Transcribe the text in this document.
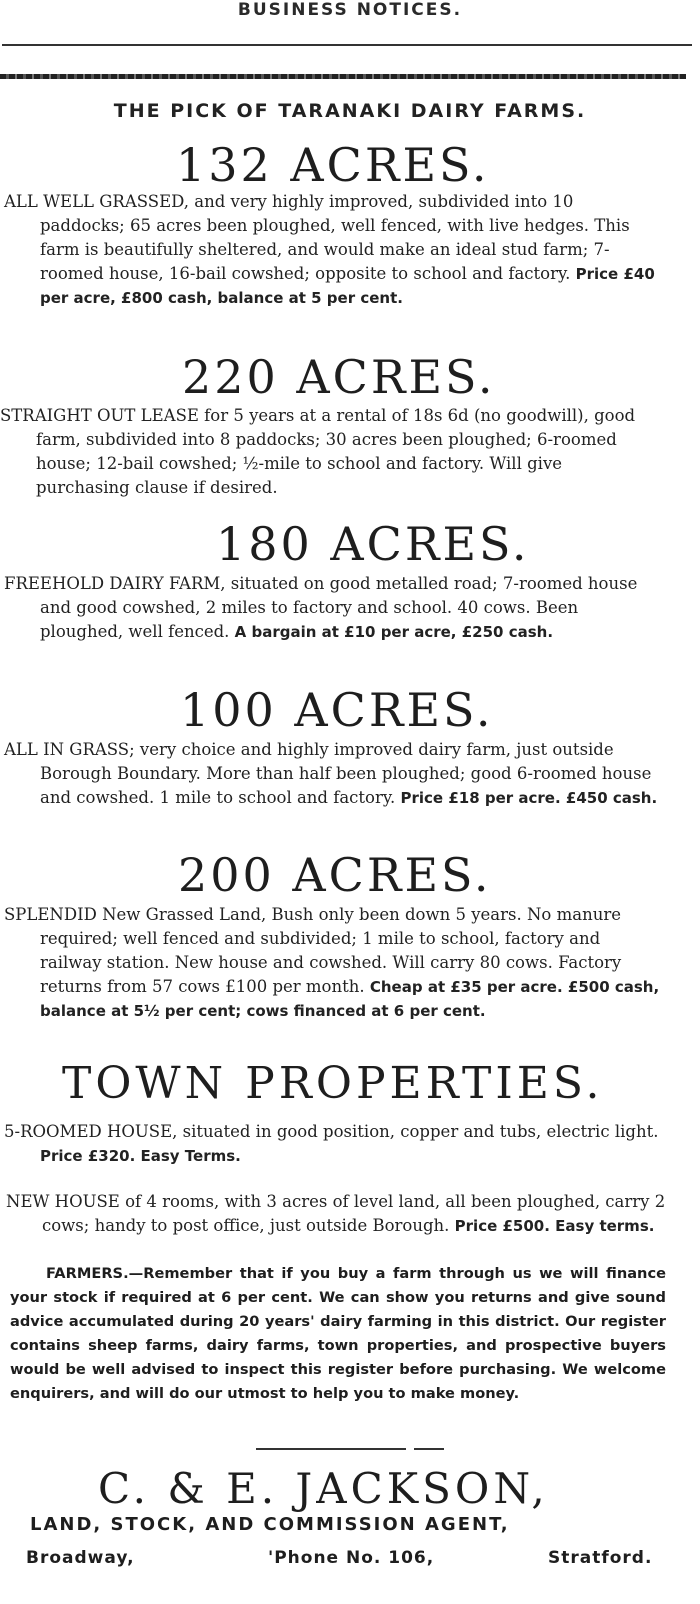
BUSINESS NOTICES.
THE PICK OF TARANAKI DAIRY FARMS.
132 ACRES.
ALL WELL GRASSED, and very highly improved, subdivided into 10 paddocks; 65 acres been ploughed, well fenced, with live hedges. This farm is beautifully sheltered, and would make an ideal stud farm; 7-roomed house, 16-bail cowshed; opposite to school and factory. Price £40 per acre, £800 cash, balance at 5 per cent.
220 ACRES.
STRAIGHT OUT LEASE for 5 years at a rental of 18s 6d (no goodwill), good farm, subdivided into 8 paddocks; 30 acres been ploughed; 6-roomed house; 12-bail cowshed; ½-mile to school and factory. Will give purchasing clause if desired.
180 ACRES.
FREEHOLD DAIRY FARM, situated on good metalled road; 7-roomed house and good cowshed, 2 miles to factory and school. 40 cows. Been ploughed, well fenced. A bargain at £10 per acre, £250 cash.
100 ACRES.
ALL IN GRASS; very choice and highly improved dairy farm, just outside Borough Boundary. More than half been ploughed; good 6-roomed house and cowshed. 1 mile to school and factory. Price £18 per acre. £450 cash.
200 ACRES.
SPLENDID New Grassed Land, Bush only been down 5 years. No manure required; well fenced and subdivided; 1 mile to school, factory and railway station. New house and cowshed. Will carry 80 cows. Factory returns from 57 cows £100 per month. Cheap at £35 per acre. £500 cash, balance at 5½ per cent; cows financed at 6 per cent.
TOWN PROPERTIES.
5-ROOMED HOUSE, situated in good position, copper and tubs, electric light. Price £320. Easy Terms.
NEW HOUSE of 4 rooms, with 3 acres of level land, all been ploughed, carry 2 cows; handy to post office, just outside Borough. Price £500. Easy terms.
FARMERS.—Remember that if you buy a farm through us we will finance your stock if required at 6 per cent. We can show you returns and give sound advice accumulated during 20 years' dairy farming in this district. Our register contains sheep farms, dairy farms, town properties, and prospective buyers would be well advised to inspect this register before purchasing. We welcome enquirers, and will do our utmost to help you to make money.
C. & E. JACKSON,
LAND, STOCK, AND COMMISSION AGENT,
Broadway,	'Phone No. 106,	Stratford.
